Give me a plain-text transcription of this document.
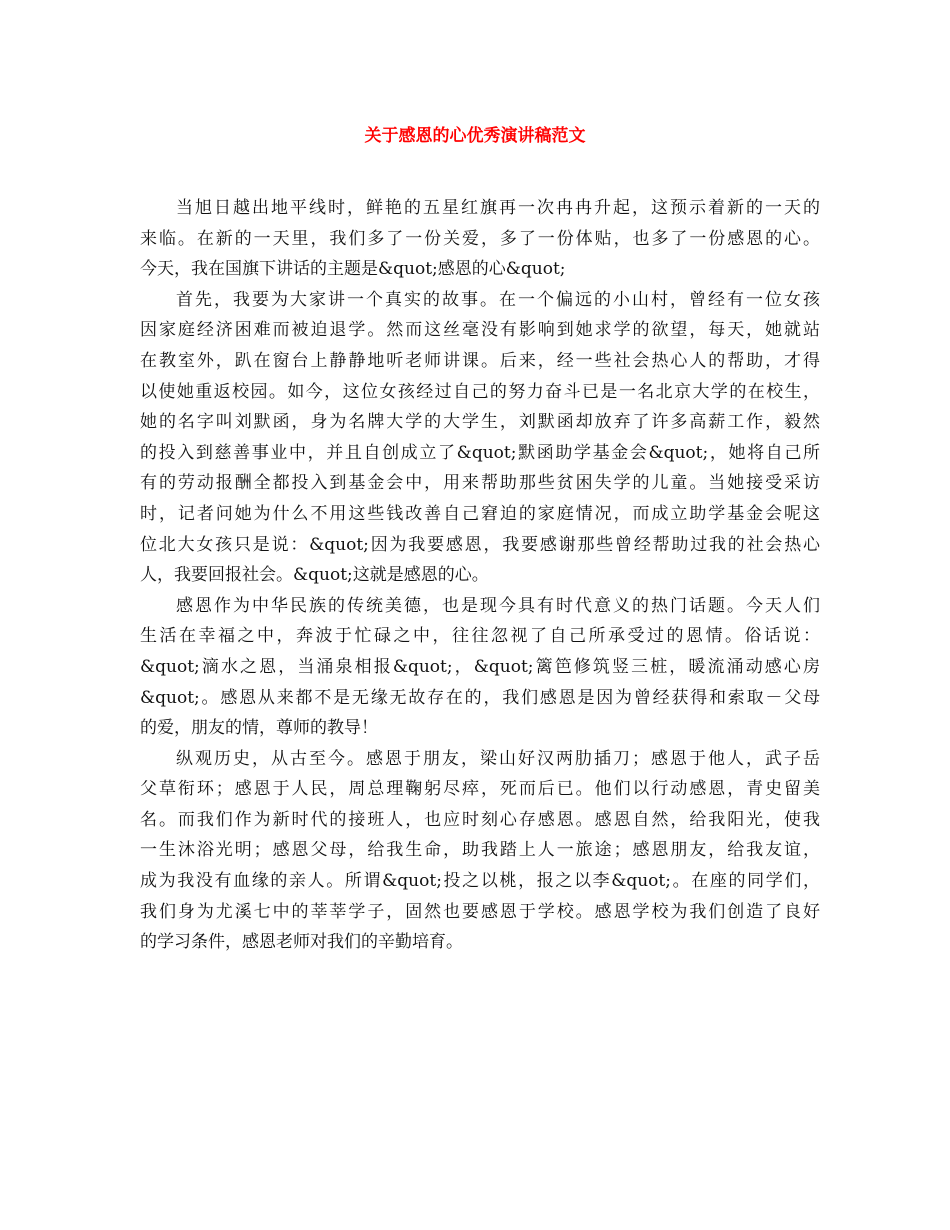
关于感恩的心优秀演讲稿范文
当旭日越出地平线时，鲜艳的五星红旗再一次冉冉升起，这预示着新的一天的
来临。在新的一天里，我们多了一份关爱，多了一份体贴，也多了一份感恩的心。
今天，我在国旗下讲话的主题是&quot;感恩的心&quot;
首先，我要为大家讲一个真实的故事。在一个偏远的小山村，曾经有一位女孩
因家庭经济困难而被迫退学。然而这丝毫没有影响到她求学的欲望，每天，她就站
在教室外，趴在窗台上静静地听老师讲课。后来，经一些社会热心人的帮助，才得
以使她重返校园。如今，这位女孩经过自己的努力奋斗已是一名北京大学的在校生，
她的名字叫刘默函，身为名牌大学的大学生，刘默函却放弃了许多高薪工作，毅然
的投入到慈善事业中，并且自创成立了&quot;默函助学基金会&quot;，她将自己所
有的劳动报酬全都投入到基金会中，用来帮助那些贫困失学的儿童。当她接受采访
时，记者问她为什么不用这些钱改善自己窘迫的家庭情况，而成立助学基金会呢这
位北大女孩只是说：&quot;因为我要感恩，我要感谢那些曾经帮助过我的社会热心
人，我要回报社会。&quot;这就是感恩的心。
感恩作为中华民族的传统美德，也是现今具有时代意义的热门话题。今天人们
生活在幸福之中，奔波于忙碌之中，往往忽视了自己所承受过的恩情。俗话说：
&quot;滴水之恩，当涌泉相报&quot;，&quot;篱笆修筑竖三桩，暖流涌动感心房
&quot;。感恩从来都不是无缘无故存在的，我们感恩是因为曾经获得和索取－父母
的爱，朋友的情，尊师的教导！
纵观历史，从古至今。感恩于朋友，梁山好汉两肋插刀；感恩于他人，武子岳
父草衔环；感恩于人民，周总理鞠躬尽瘁，死而后已。他们以行动感恩，青史留美
名。而我们作为新时代的接班人，也应时刻心存感恩。感恩自然，给我阳光，使我
一生沐浴光明；感恩父母，给我生命，助我踏上人一旅途；感恩朋友，给我友谊，
成为我没有血缘的亲人。所谓&quot;投之以桃，报之以李&quot;。在座的同学们，
我们身为尤溪七中的莘莘学子，固然也要感恩于学校。感恩学校为我们创造了良好
的学习条件，感恩老师对我们的辛勤培育。
